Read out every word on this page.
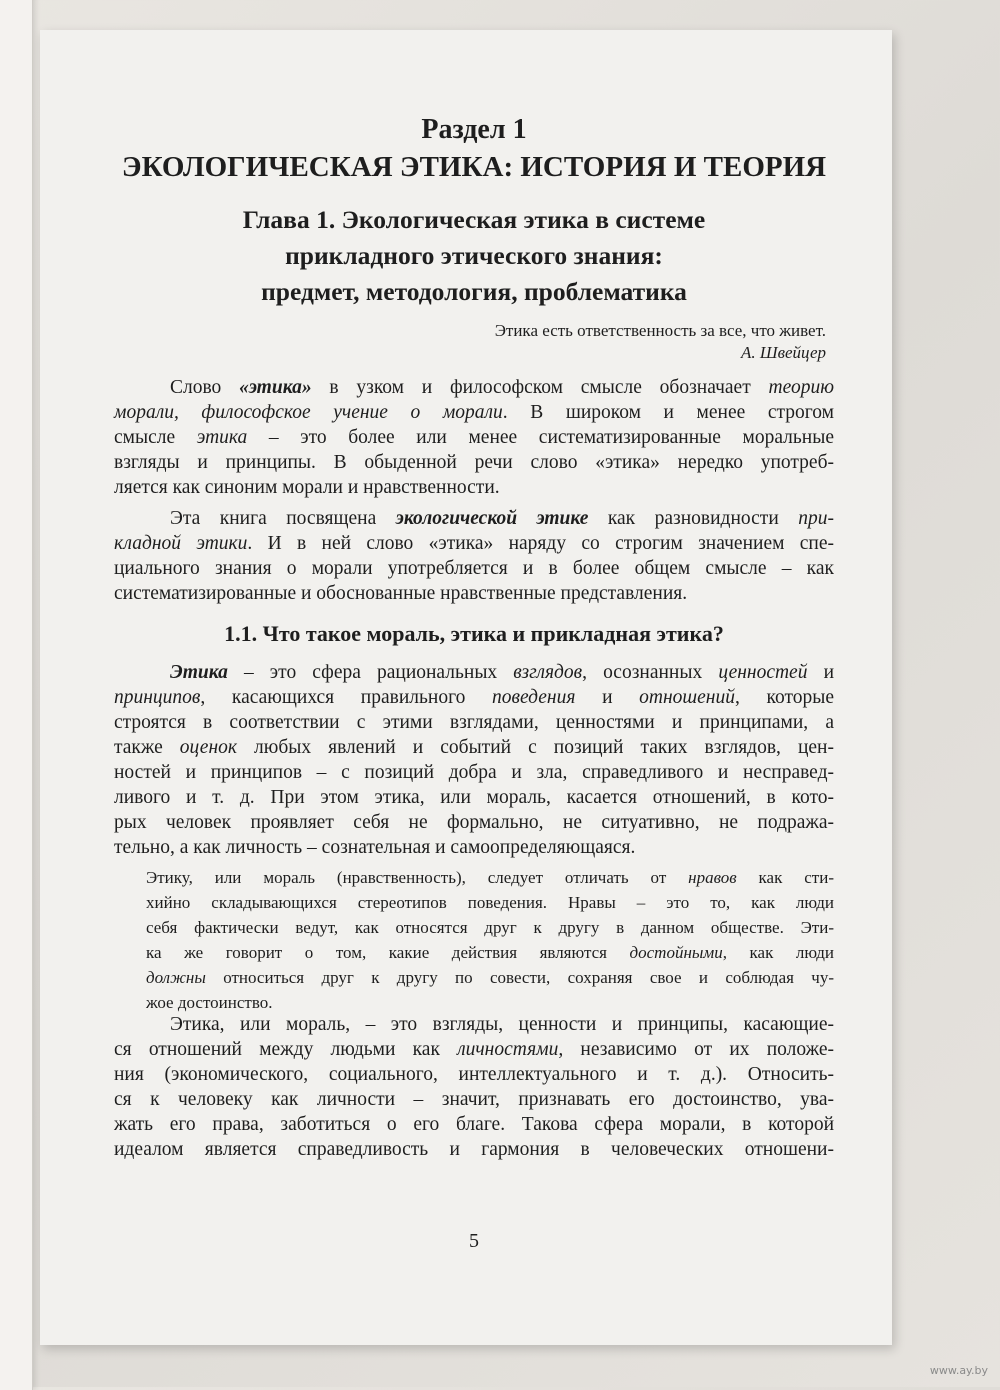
Раздел 1
ЭКОЛОГИЧЕСКАЯ ЭТИКА: ИСТОРИЯ И ТЕОРИЯ
Глава 1. Экологическая этика в системе
прикладного этического знания:
предмет, методология, проблематика
Этика есть ответственность за все, что живет.
А. Швейцер
Слово «этика» в узком и философском смысле обозначает теорию
морали, философское учение о морали. В широком и менее строгом
смысле этика – это более или менее систематизированные моральные
взгляды и принципы. В обыденной речи слово «этика» нередко употреб-
ляется как синоним морали и нравственности.
Эта книга посвящена экологической этике как разновидности при-
кладной этики. И в ней слово «этика» наряду со строгим значением спе-
циального знания о морали употребляется и в более общем смысле – как
систематизированные и обоснованные нравственные представления.
1.1. Что такое мораль, этика и прикладная этика?
Этика – это сфера рациональных взглядов, осознанных ценностей и
принципов, касающихся правильного поведения и отношений, которые
строятся в соответствии с этими взглядами, ценностями и принципами, а
также оценок любых явлений и событий с позиций таких взглядов, цен-
ностей и принципов – с позиций добра и зла, справедливого и несправед-
ливого и т. д. При этом этика, или мораль, касается отношений, в кото-
рых человек проявляет себя не формально, не ситуативно, не подража-
тельно, а как личность – сознательная и самоопределяющаяся.
Этику, или мораль (нравственность), следует отличать от нравов как сти-
хийно складывающихся стереотипов поведения. Нравы – это то, как люди
себя фактически ведут, как относятся друг к другу в данном обществе. Эти-
ка же говорит о том, какие действия являются достойными, как люди
должны относиться друг к другу по совести, сохраняя свое и соблюдая чу-
жое достоинство.
Этика, или мораль, – это взгляды, ценности и принципы, касающие-
ся отношений между людьми как личностями, независимо от их положе-
ния (экономического, социального, интеллектуального и т. д.). Относить-
ся к человеку как личности – значит, признавать его достоинство, ува-
жать его права, заботиться о его благе. Такова сфера морали, в которой
идеалом является справедливость и гармония в человеческих отношени-
5
www.ay.by
